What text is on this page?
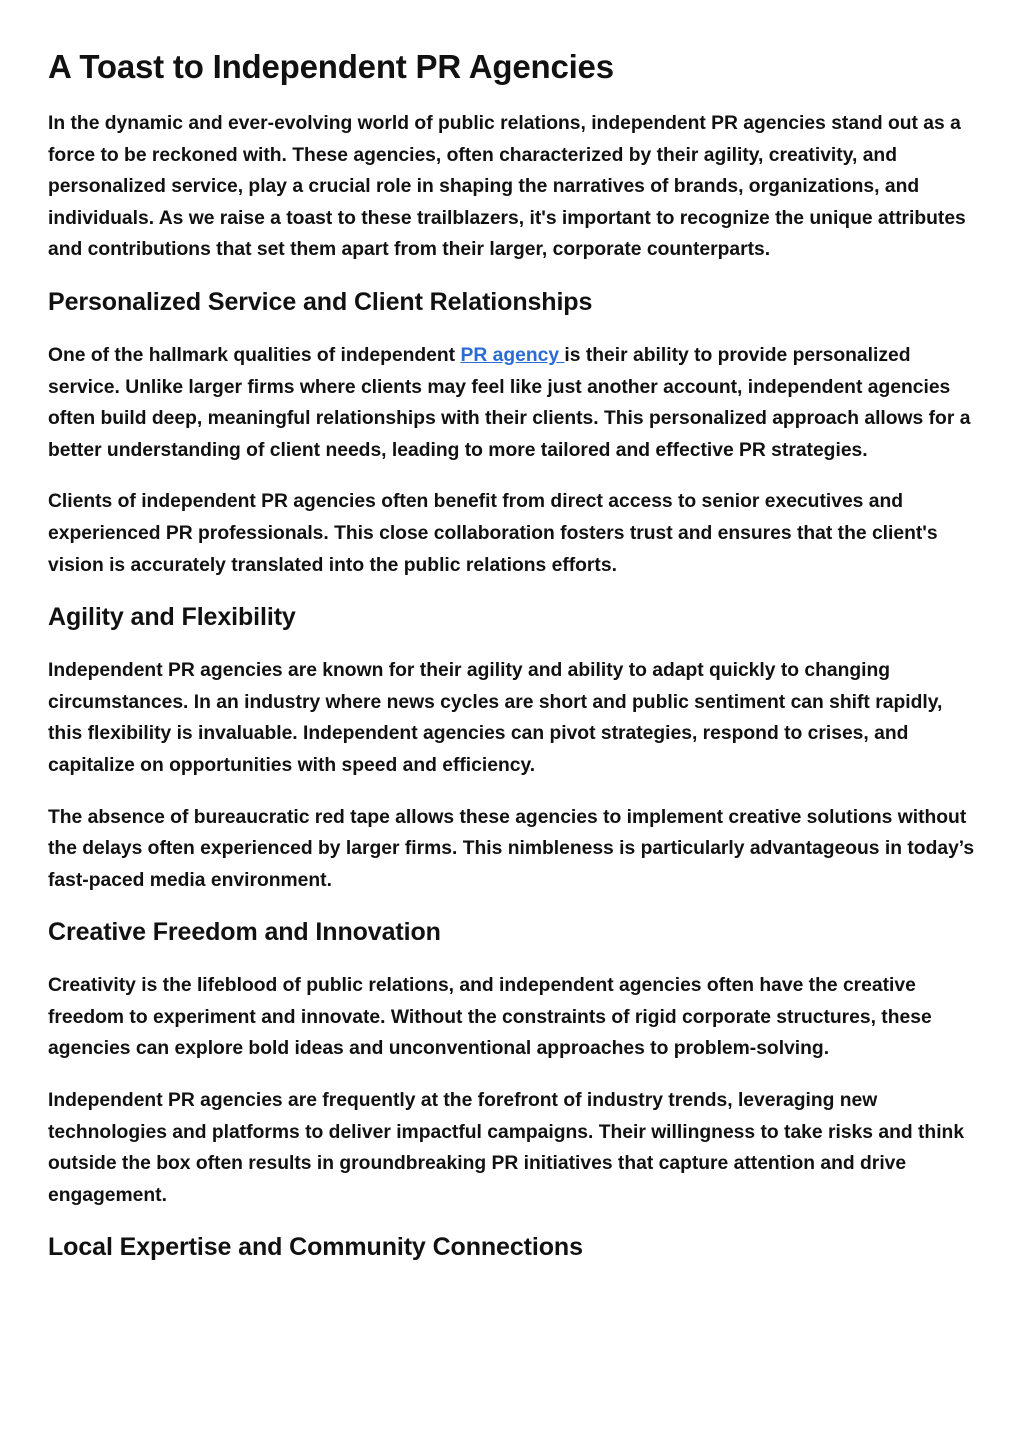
A Toast to Independent PR Agencies

In the dynamic and ever-evolving world of public relations, independent PR agencies stand out as a force to be reckoned with. These agencies, often characterized by their agility, creativity, and personalized service, play a crucial role in shaping the narratives of brands, organizations, and individuals. As we raise a toast to these trailblazers, it's important to recognize the unique attributes and contributions that set them apart from their larger, corporate counterparts.

Personalized Service and Client Relationships

One of the hallmark qualities of independent PR agency is their ability to provide personalized service. Unlike larger firms where clients may feel like just another account, independent agencies often build deep, meaningful relationships with their clients. This personalized approach allows for a better understanding of client needs, leading to more tailored and effective PR strategies.

Clients of independent PR agencies often benefit from direct access to senior executives and experienced PR professionals. This close collaboration fosters trust and ensures that the client's vision is accurately translated into the public relations efforts.

Agility and Flexibility

Independent PR agencies are known for their agility and ability to adapt quickly to changing circumstances. In an industry where news cycles are short and public sentiment can shift rapidly, this flexibility is invaluable. Independent agencies can pivot strategies, respond to crises, and capitalize on opportunities with speed and efficiency.

The absence of bureaucratic red tape allows these agencies to implement creative solutions without the delays often experienced by larger firms. This nimbleness is particularly advantageous in today’s fast-paced media environment.

Creative Freedom and Innovation

Creativity is the lifeblood of public relations, and independent agencies often have the creative freedom to experiment and innovate. Without the constraints of rigid corporate structures, these agencies can explore bold ideas and unconventional approaches to problem-solving.

Independent PR agencies are frequently at the forefront of industry trends, leveraging new technologies and platforms to deliver impactful campaigns. Their willingness to take risks and think outside the box often results in groundbreaking PR initiatives that capture attention and drive engagement.

Local Expertise and Community Connections
